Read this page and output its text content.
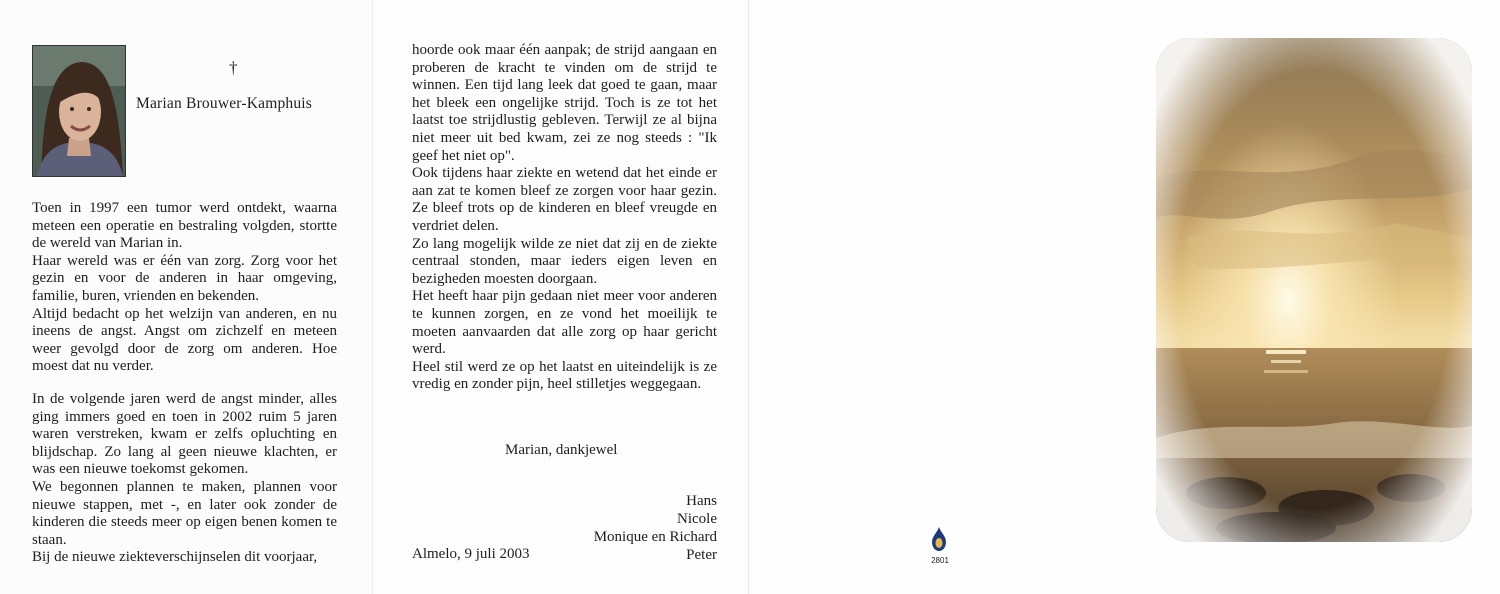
†
Marian Brouwer-Kamphuis

Toen in 1997 een tumor werd ontdekt, waarna meteen een operatie en bestraling volgden, stortte de wereld van Marian in.

Haar wereld was er één van zorg. Zorg voor het gezin en voor de anderen in haar omgeving, familie, buren, vrienden en bekenden.

Altijd bedacht op het welzijn van anderen, en nu ineens de angst. Angst om zichzelf en meteen weer gevolgd door de zorg om anderen. Hoe moest dat nu verder.

In de volgende jaren werd de angst minder, alles ging immers goed en toen in 2002 ruim 5 jaren waren verstreken, kwam er zelfs opluchting en blijdschap. Zo lang al geen nieuwe klachten, er was een nieuwe toekomst gekomen.

We begonnen plannen te maken, plannen voor nieuwe stappen, met -, en later ook zonder de kinderen die steeds meer op eigen benen komen te staan.

Bij de nieuwe ziekteverschijnselen dit voorjaar,

hoorde ook maar één aanpak; de strijd aangaan en proberen de kracht te vinden om de strijd te winnen. Een tijd lang leek dat goed te gaan, maar het bleek een ongelijke strijd. Toch is ze tot het laatst toe strijdlustig gebleven. Terwijl ze al bijna niet meer uit bed kwam, zei ze nog steeds : "Ik geef het niet op".

Ook tijdens haar ziekte en wetend dat het einde er aan zat te komen bleef ze zorgen voor haar gezin. Ze bleef trots op de kinderen en bleef vreugde en verdriet delen.

Zo lang mogelijk wilde ze niet dat zij en de ziekte centraal stonden, maar ieders eigen leven en bezigheden moesten doorgaan.

Het heeft haar pijn gedaan niet meer voor anderen te kunnen zorgen, en ze vond het moeilijk te moeten aanvaarden dat alle zorg op haar gericht werd.

Heel stil werd ze op het laatst en uiteindelijk is ze vredig en zonder pijn, heel stilletjes weggegaan.

Marian, dankjewel
Hans
Nicole
Monique en Richard
Peter
Almelo, 9 juli 2003	2801
